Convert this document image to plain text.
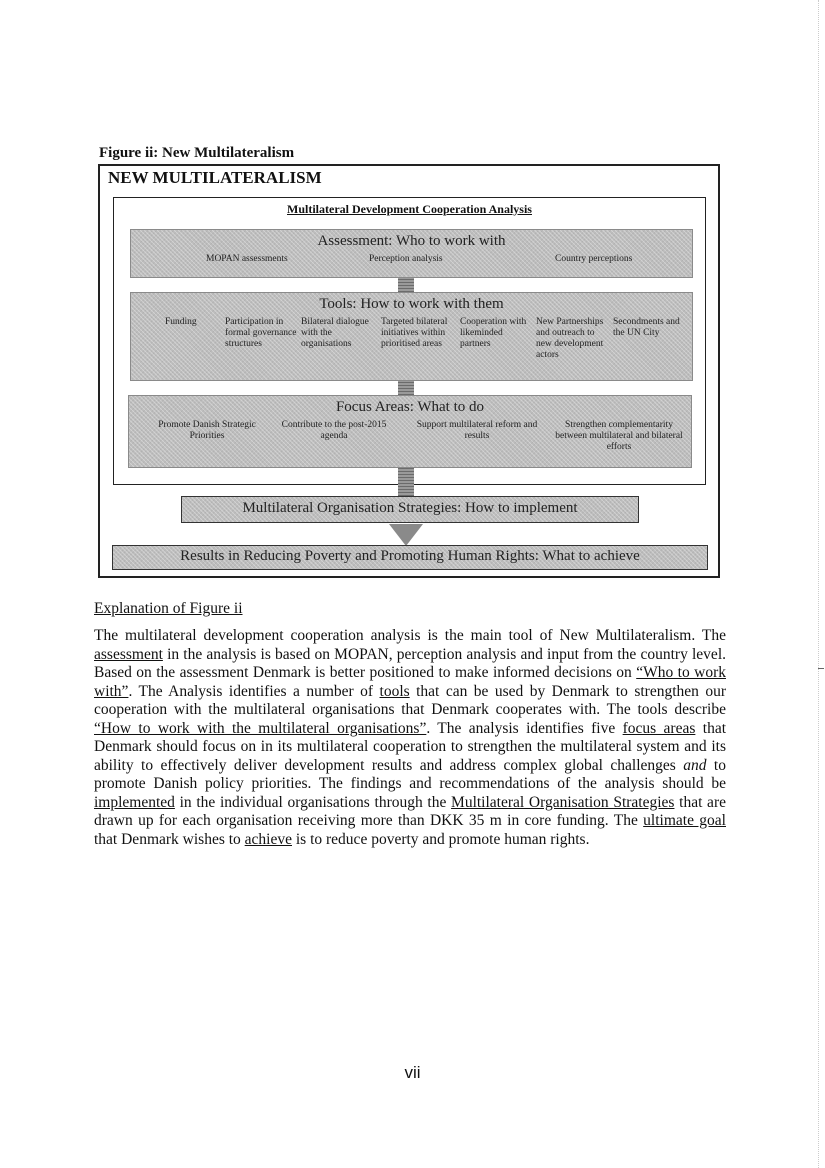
Figure ii: New Multilateralism
NEW MULTILATERALISM
Multilateral Development Cooperation Analysis
Assessment: Who to work with
MOPAN assessments	Perception analysis	Country perceptions
Tools: How to work with them
Funding	Participation in formal governance structures
Bilateral dialogue with the organisations
Targeted bilateral initiatives within prioritised areas
Cooperation with likeminded partners
New Partnerships and outreach to new development actors
Secondments and the UN City
Focus Areas: What to do
Promote Danish Strategic Priorities
Contribute to the post-2015 agenda
Support multilateral reform and results
Strengthen complementarity between multilateral and bilateral efforts
Multilateral Organisation Strategies: How to implement
Results in Reducing Poverty and Promoting Human Rights: What to achieve
Explanation of Figure ii
The multilateral development cooperation analysis is the main tool of New Multilateralism. The assessment in the analysis is based on MOPAN, perception analysis and input from the country level. Based on the assessment Denmark is better positioned to make informed decisions on “Who to work with”. The Analysis identifies a number of tools that can be used by Denmark to strengthen our cooperation with the multilateral organisations that Denmark cooperates with. The tools describe “How to work with the multilateral organisations”. The analysis identifies five focus areas that Denmark should focus on in its multilateral cooperation to strengthen the multilateral system and its ability to effectively deliver development results and address complex global challenges and to promote Danish policy priorities. The findings and recommendations of the analysis should be implemented in the individual organisations through the Multilateral Organisation Strategies that are drawn up for each organisation receiving more than DKK 35 m in core funding. The ultimate goal that Denmark wishes to achieve is to reduce poverty and promote human rights.
vii
